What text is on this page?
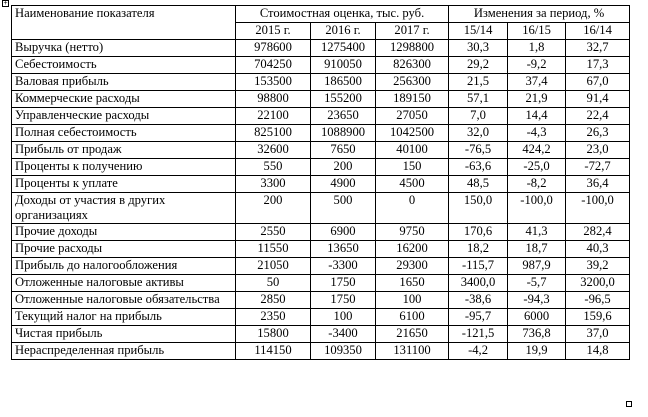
+
Наименование показателя	Стоимостная оценка, тыс. руб.			Изменения за период, %		
	2015 г.	2016 г.	2017 г.	15/14	16/15	16/14
Выручка (нетто)	978600	1275400	1298800	30,3	1,8	32,7
Себестоимость	704250	910050	826300	29,2	-9,2	17,3
Валовая прибыль	153500	186500	256300	21,5	37,4	67,0
Коммерческие расходы	98800	155200	189150	57,1	21,9	91,4
Управленческие расходы	22100	23650	27050	7,0	14,4	22,4
Полная себестоимость	825100	1088900	1042500	32,0	-4,3	26,3
Прибыль от продаж	32600	7650	40100	-76,5	424,2	23,0
Проценты к получению	550	200	150	-63,6	-25,0	-72,7
Проценты к уплате	3300	4900	4500	48,5	-8,2	36,4
Доходы от участия в других организациях	200	500	0	150,0	-100,0	-100,0
Прочие доходы	2550	6900	9750	170,6	41,3	282,4
Прочие расходы	11550	13650	16200	18,2	18,7	40,3
Прибыль до налогообложения	21050	-3300	29300	-115,7	987,9	39,2
Отложенные налоговые активы	50	1750	1650	3400,0	-5,7	3200,0
Отложенные налоговые обязательства	2850	1750	100	-38,6	-94,3	-96,5
Текущий налог на прибыль	2350	100	6100	-95,7	6000	159,6
Чистая прибыль	15800	-3400	21650	-121,5	736,8	37,0
Нераспределенная прибыль	114150	109350	131100	-4,2	19,9	14,8
